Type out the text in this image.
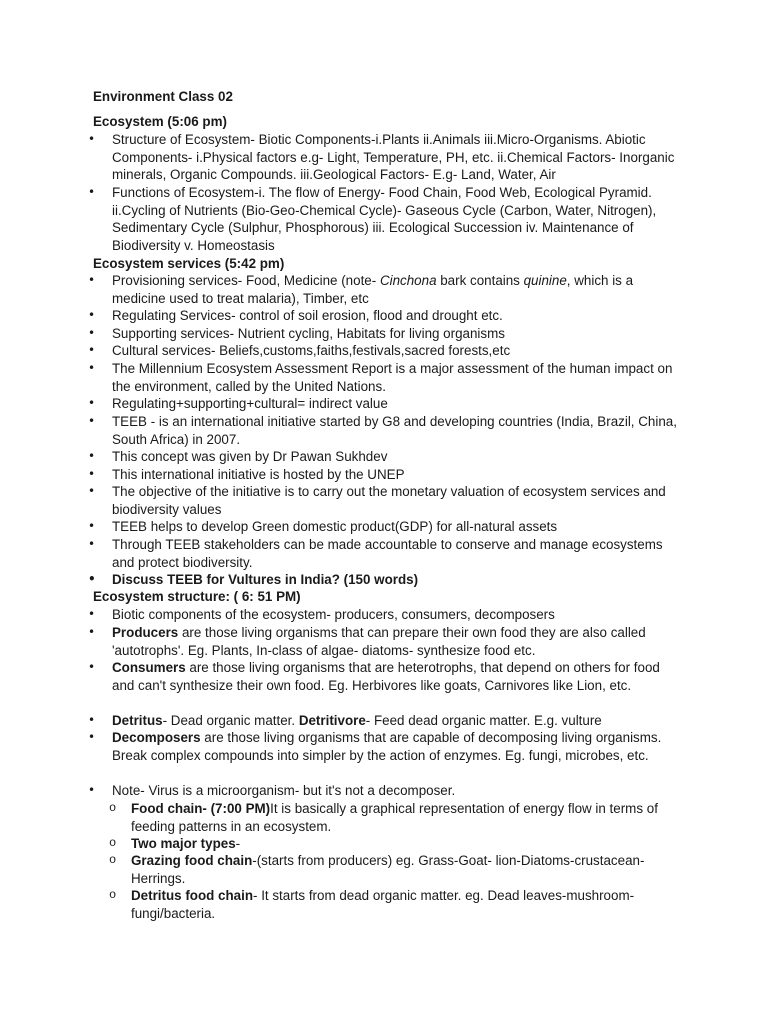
Environment Class 02
Ecosystem (5:06 pm)
• Structure of Ecosystem- Biotic Components-i.Plants ii.Animals iii.Micro-Organisms. Abiotic Components- i.Physical factors e.g- Light, Temperature, PH, etc. ii.Chemical Factors- Inorganic minerals, Organic Compounds. iii.Geological Factors- E.g- Land, Water, Air
• Functions of Ecosystem-i. The flow of Energy- Food Chain, Food Web, Ecological Pyramid. ii.Cycling of Nutrients (Bio-Geo-Chemical Cycle)- Gaseous Cycle (Carbon, Water, Nitrogen), Sedimentary Cycle (Sulphur, Phosphorous) iii. Ecological Succession iv. Maintenance of Biodiversity v. Homeostasis
Ecosystem services (5:42 pm)
• Provisioning services- Food, Medicine (note- Cinchona bark contains quinine, which is a medicine used to treat malaria), Timber, etc
• Regulating Services- control of soil erosion, flood and drought etc.
• Supporting services- Nutrient cycling, Habitats for living organisms
• Cultural services- Beliefs,customs,faiths,festivals,sacred forests,etc
• The Millennium Ecosystem Assessment Report is a major assessment of the human impact on the environment, called by the United Nations.
• Regulating+supporting+cultural= indirect value
• TEEB - is an international initiative started by G8 and developing countries (India, Brazil, China, South Africa) in 2007.
• This concept was given by Dr Pawan Sukhdev
• This international initiative is hosted by the UNEP
• The objective of the initiative is to carry out the monetary valuation of ecosystem services and biodiversity values
• TEEB helps to develop Green domestic product(GDP) for all-natural assets
• Through TEEB stakeholders can be made accountable to conserve and manage ecosystems and protect biodiversity.
• Discuss TEEB for Vultures in India? (150 words)
Ecosystem structure: ( 6: 51 PM)
• Biotic components of the ecosystem- producers, consumers, decomposers
• Producers are those living organisms that can prepare their own food they are also called 'autotrophs'. Eg. Plants, In-class of algae- diatoms- synthesize food etc.
• Consumers are those living organisms that are heterotrophs, that depend on others for food and can't synthesize their own food. Eg. Herbivores like goats, Carnivores like Lion, etc.
• Detritus- Dead organic matter. Detritivore- Feed dead organic matter. E.g. vulture
• Decomposers are those living organisms that are capable of decomposing living organisms. Break complex compounds into simpler by the action of enzymes. Eg. fungi, microbes, etc.
• Note- Virus is a microorganism- but it's not a decomposer.
o Food chain- (7:00 PM)It is basically a graphical representation of energy flow in terms of feeding patterns in an ecosystem.
o Two major types-
o Grazing food chain-(starts from producers) eg. Grass-Goat- lion-Diatoms-crustacean-Herrings.
o Detritus food chain- It starts from dead organic matter. eg. Dead leaves-mushroom-fungi/bacteria.
